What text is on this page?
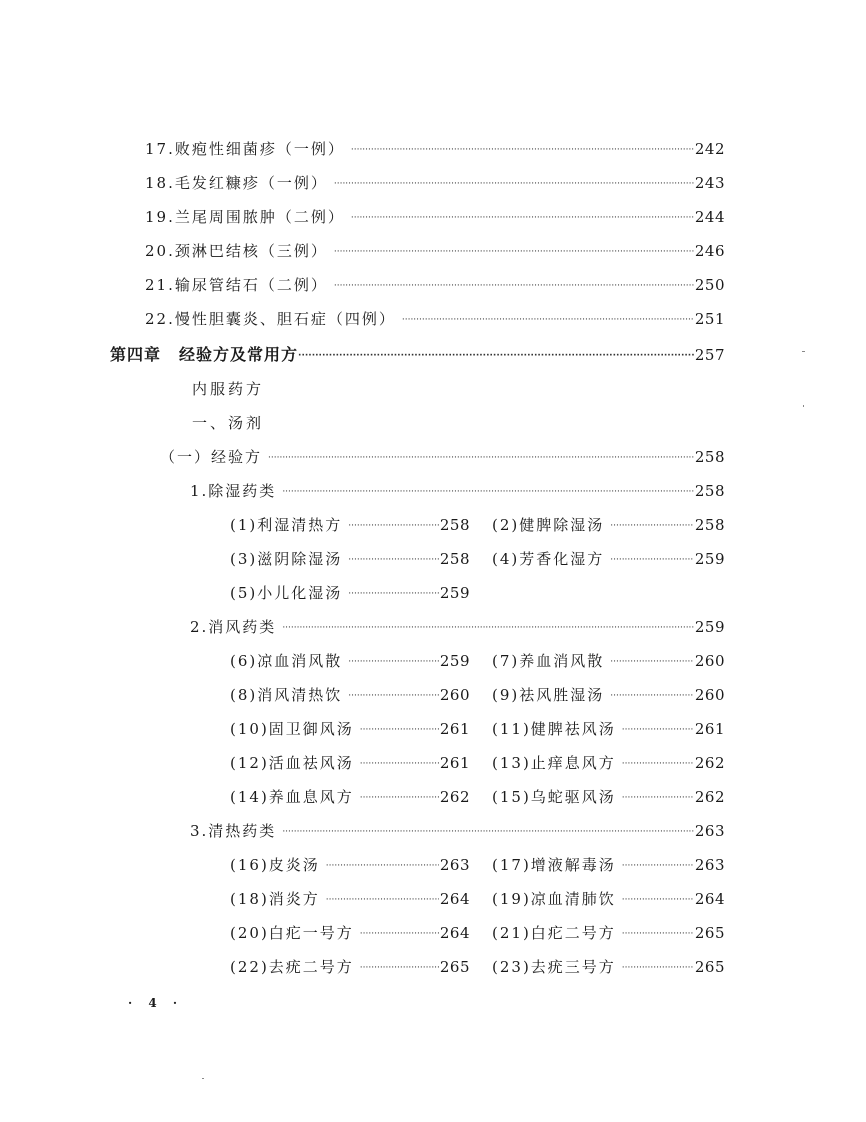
17.败疱性细菌疹（一例） ·····	242
18.毛发红糠疹（一例） ·····	243
19.兰尾周围脓肿（二例） ·····	244
20.颈淋巴结核（三例） ·····	246
21.输尿管结石（二例） ·····	250
22.慢性胆囊炎、胆石症（四例） ·····	251
第四章 经验方及常用方 ·····	257
内服药方
一、汤剂
（一）经验方 ·····	258
1.除湿药类 ·····	258
(1)利湿清热方 ·····	258 (2)健脾除湿汤 ·····	258
(3)滋阴除湿汤 ·····	258 (4)芳香化湿方 ·····	259
(5)小儿化湿汤 ·····	259
2.消风药类 ·····	259
(6)凉血消风散 ·····	259 (7)养血消风散 ·····	260
(8)消风清热饮 ·····	260 (9)祛风胜湿汤 ·····	260
(10)固卫御风汤 ·····	261 (11)健脾祛风汤 ·····	261
(12)活血祛风汤 ·····	261 (13)止痒息风方 ·····	262
(14)养血息风方 ·····	262 (15)乌蛇驱风汤 ·····	262
3.清热药类 ·····	263
(16)皮炎汤 ·····	263 (17)增液解毒汤 ·····	263
(18)消炎方 ·····	264 (19)凉血清肺饮 ·····	264
(20)白疕一号方 ·····	264 (21)白疕二号方 ·····	265
(22)去疣二号方 ·····	265 (23)去疣三号方 ·····	265
· 4 ·
